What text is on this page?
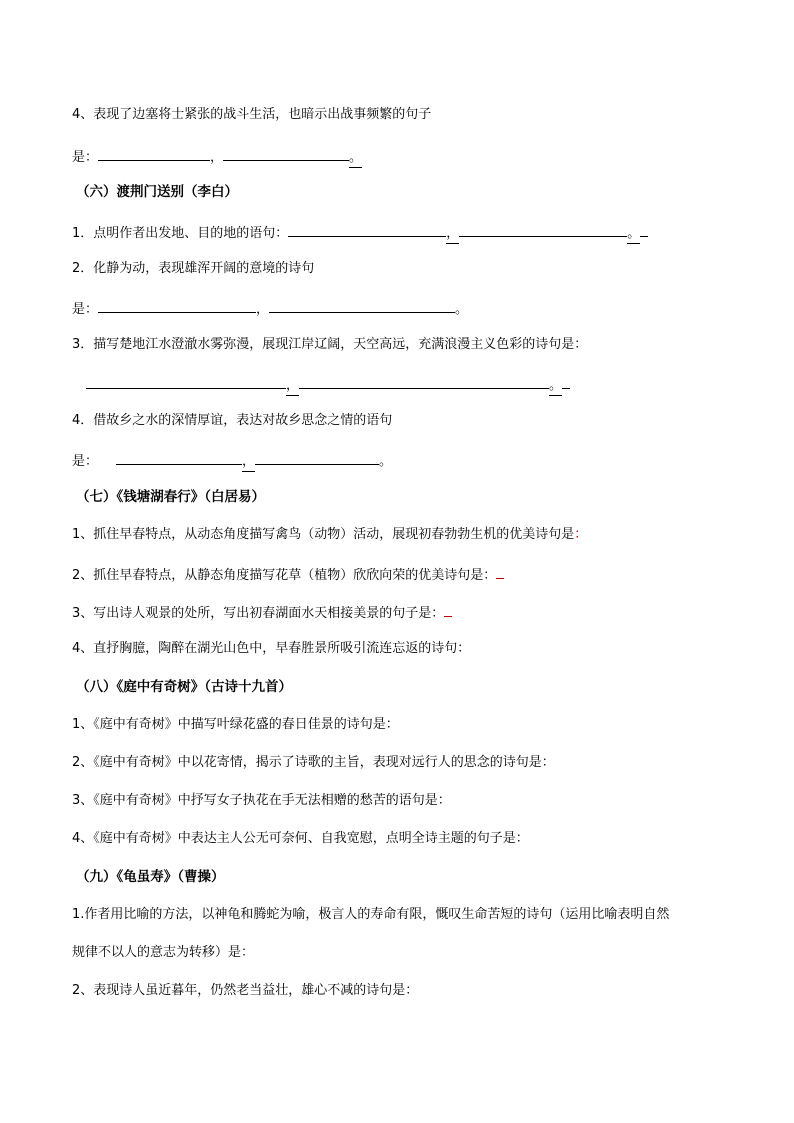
4、表现了边塞将士紧张的战斗生活，也暗示出战事频繁的句子
是：	，	。
（六）渡荆门送别（李白）
1．点明作者出发地、目的地的语句：	，	。
2．化静为动，表现雄浑开阔的意境的诗句
是：	，	。
3．描写楚地江水澄澈水雾弥漫，展现江岸辽阔，天空高远，充满浪漫主义色彩的诗句是：
，	。
4．借故乡之水的深情厚谊，表达对故乡思念之情的语句
是：	，	。
（七）《钱塘湖春行》（白居易）
1、抓住早春特点，从动态角度描写禽鸟（动物）活动，展现初春勃勃生机的优美诗句是：
2、抓住早春特点，从静态角度描写花草（植物）欣欣向荣的优美诗句是：
3、写出诗人观景的处所，写出初春湖面水天相接美景的句子是：
4、直抒胸臆，陶醉在湖光山色中，早春胜景所吸引流连忘返的诗句：
（八）《庭中有奇树》（古诗十九首）
1、《庭中有奇树》中描写叶绿花盛的春日佳景的诗句是：
2、《庭中有奇树》中以花寄情，揭示了诗歌的主旨，表现对远行人的思念的诗句是：
3、《庭中有奇树》中抒写女子执花在手无法相赠的愁苦的语句是：
4、《庭中有奇树》中表达主人公无可奈何、自我宽慰，点明全诗主题的句子是：
（九）《龟虽寿》（曹操）
1.作者用比喻的方法，以神龟和腾蛇为喻，极言人的寿命有限，慨叹生命苦短的诗句（运用比喻表明自然
规律不以人的意志为转移）是：
2、表现诗人虽近暮年，仍然老当益壮，雄心不减的诗句是：
